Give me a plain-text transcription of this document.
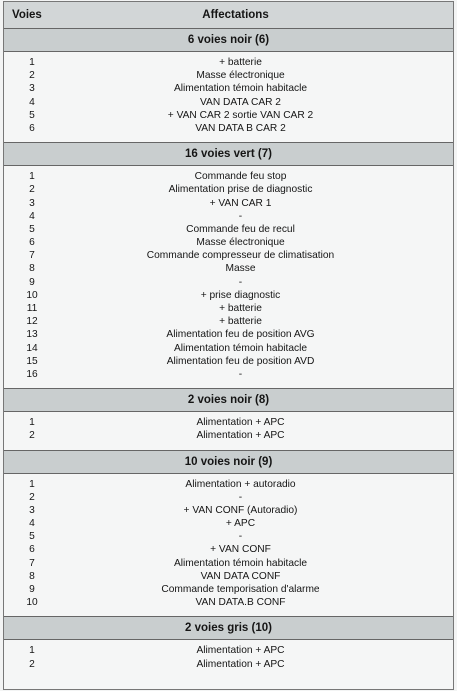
Voies	Affectations
6 voies noir (6)
1	+ batterie
2	Masse électronique
3	Alimentation témoin habitacle
4	VAN DATA CAR 2
5	+ VAN CAR 2 sortie VAN CAR 2
6	VAN DATA B CAR 2
16 voies vert (7)
1	Commande feu stop
2	Alimentation prise de diagnostic
3	+ VAN CAR 1
4	-
5	Commande feu de recul
6	Masse électronique
7	Commande compresseur de climatisation
8	Masse
9	-
10	+ prise diagnostic
11	+ batterie
12	+ batterie
13	Alimentation feu de position AVG
14	Alimentation témoin habitacle
15	Alimentation feu de position AVD
16	-
2 voies noir (8)
1	Alimentation + APC
2	Alimentation + APC
10 voies noir (9)
1	Alimentation + autoradio
2	-
3	+ VAN CONF (Autoradio)
4	+ APC
5	-
6	+ VAN CONF
7	Alimentation témoin habitacle
8	VAN DATA CONF
9	Commande temporisation d'alarme
10	VAN DATA.B CONF
2 voies gris (10)
1	Alimentation + APC
2	Alimentation + APC
